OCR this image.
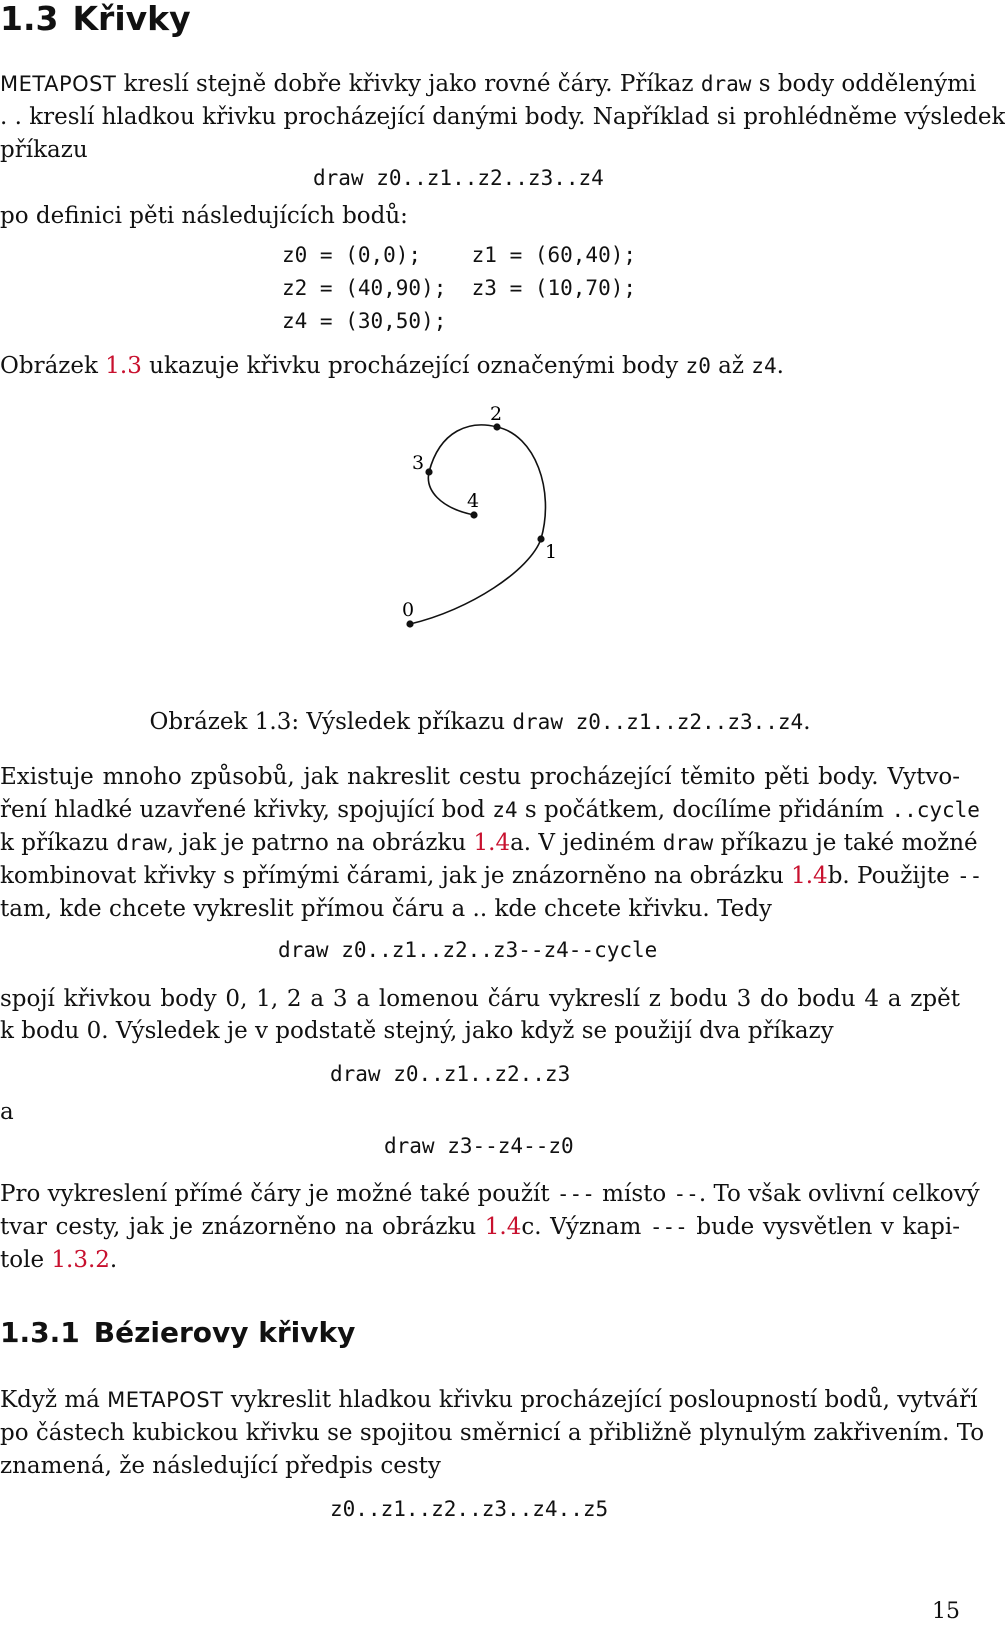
1.3 Křivky
METAPOST kreslí stejně dobře křivky jako rovné čáry. Příkaz draw s body oddělenými
. . kreslí hladkou křivku procházející danými body. Například si prohlédněme výsledek
příkazu
draw z0..z1..z2..z3..z4
po definici pěti následujících bodů:
z0 = (0,0);    z1 = (60,40);
z2 = (40,90);  z3 = (10,70);
z4 = (30,50);
Obrázek 1.3 ukazuje křivku procházející označenými body z0 až z4.
0
1
2
3
4
Obrázek 1.3: Výsledek příkazu draw z0..z1..z2..z3..z4.
Existuje mnoho způsobů, jak nakreslit cestu procházející těmito pěti body. Vytvo-
ření hladké uzavřené křivky, spojující bod z4 s počátkem, docílíme přidáním ..cycle
k příkazu draw, jak je patrno na obrázku 1.4a. V jediném draw příkazu je také možné
kombinovat křivky s přímými čárami, jak je znázorněno na obrázku 1.4b. Použijte --
tam, kde chcete vykreslit přímou čáru a .. kde chcete křivku. Tedy
draw z0..z1..z2..z3--z4--cycle
spojí křivkou body 0, 1, 2 a 3 a lomenou čáru vykreslí z bodu 3 do bodu 4 a zpět
k bodu 0. Výsledek je v podstatě stejný, jako když se použijí dva příkazy
draw z0..z1..z2..z3
a
draw z3--z4--z0
Pro vykreslení přímé čáry je možné také použít --- místo --. To však ovlivní celkový
tvar cesty, jak je znázorněno na obrázku 1.4c. Význam --- bude vysvětlen v kapi-
tole 1.3.2.
1.3.1 Bézierovy křivky
Když má METAPOST vykreslit hladkou křivku procházející posloupností bodů, vytváří
po částech kubickou křivku se spojitou směrnicí a přibližně plynulým zakřivením. To
znamená, že následující předpis cesty
z0..z1..z2..z3..z4..z5
15
